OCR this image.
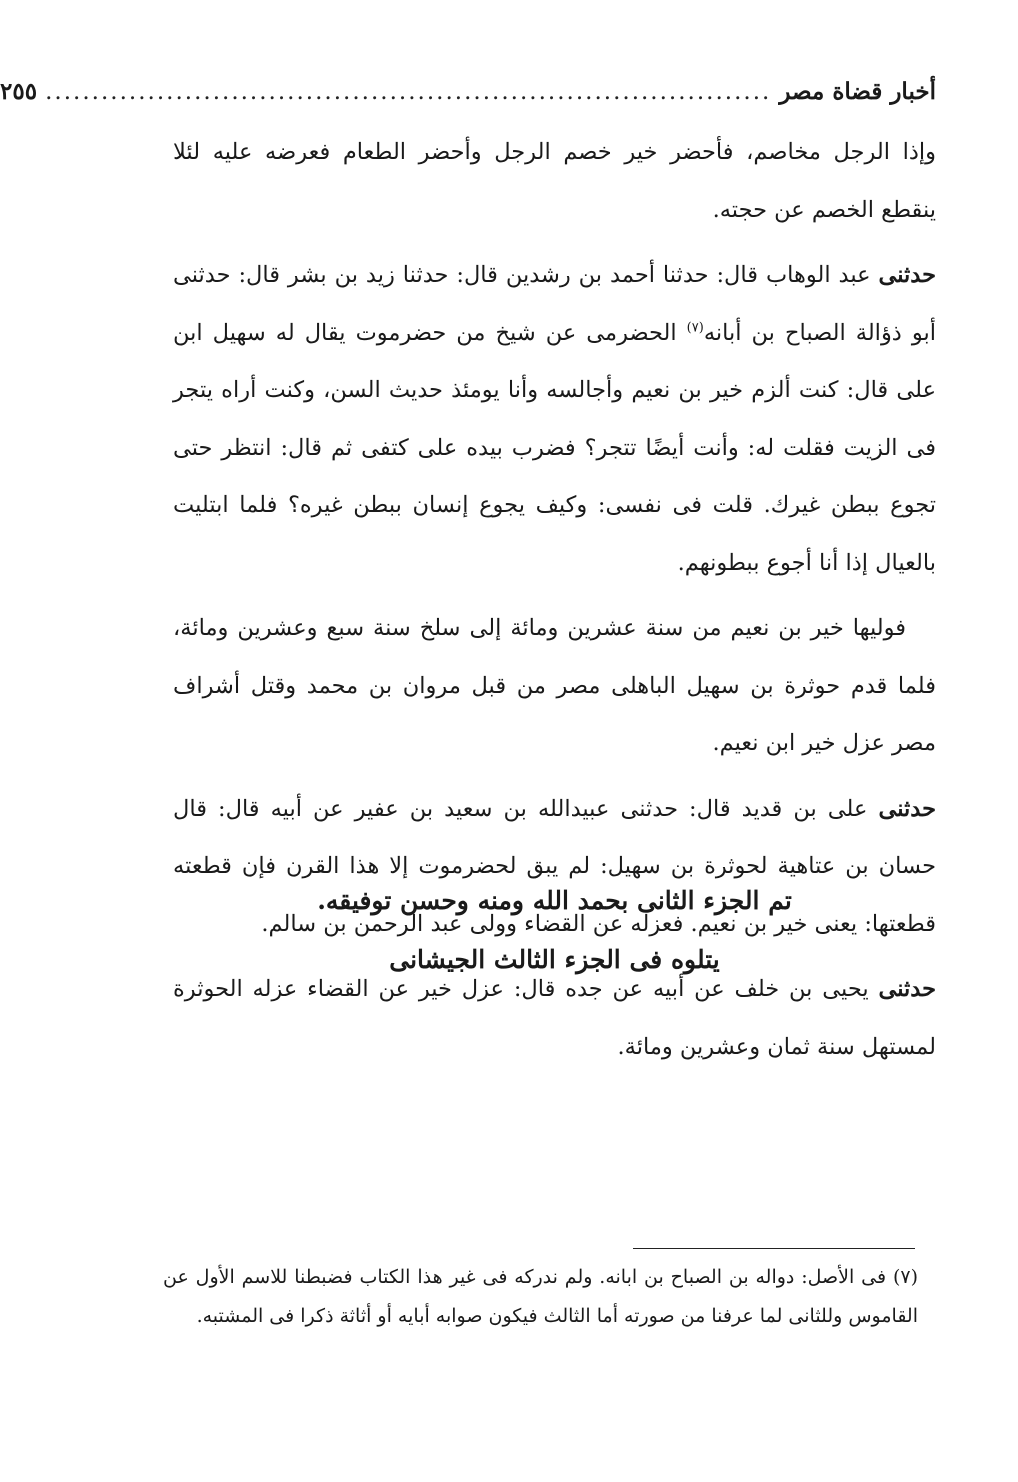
أخبار قضاة مصر
..............................................................................
٢٥٥

وإذا الرجل مخاصم، فأحضر خير خصم الرجل وأحضر الطعام فعرضه عليه لئلا ينقطع الخصم عن حجته.

حدثنى عبد الوهاب قال: حدثنا أحمد بن رشدين قال: حدثنا زيد بن بشر قال: حدثنى أبو ذؤالة الصباح بن أبانه$^{(٧)}$ الحضرمى عن شيخ من حضرموت يقال له سهيل ابن على قال: كنت ألزم خير بن نعيم وأجالسه وأنا يومئذ حديث السن، وكنت أراه يتجر فى الزيت فقلت له: وأنت أيضًا تتجر؟ فضرب بيده على كتفى ثم قال: انتظر حتى تجوع ببطن غيرك. قلت فى نفسى: وكيف يجوع إنسان ببطن غيره؟ فلما ابتليت بالعيال إذا أنا أجوع ببطونهم.

فوليها خير بن نعيم من سنة عشرين ومائة إلى سلخ سنة سبع وعشرين ومائة، فلما قدم حوثرة بن سهيل الباهلى مصر من قبل مروان بن محمد وقتل أشراف مصر عزل خير ابن نعيم.

حدثنى على بن قديد قال: حدثنى عبيدالله بن سعيد بن عفير عن أبيه قال: قال حسان بن عتاهية لحوثرة بن سهيل: لم يبق لحضرموت إلا هذا القرن فإن قطعته قطعتها: يعنى خير بن نعيم. فعزله عن القضاء وولى عبد الرحمن بن سالم.

حدثنى يحيى بن خلف عن أبيه عن جده قال: عزل خير عن القضاء عزله الحوثرة لمستهل سنة ثمان وعشرين ومائة.

تم الجزء الثانى بحمد الله ومنه وحسن توفيقه.
يتلوه فى الجزء الثالث الجيشانى
(٧) فى الأصل: دواله بن الصباح بن ابانه. ولم ندركه فى غير هذا الكتاب فضبطنا للاسم الأول عن القاموس وللثانى لما عرفنا من صورته أما الثالث فيكون صوابه أبايه أو أثاثة ذكرا فى المشتبه.
